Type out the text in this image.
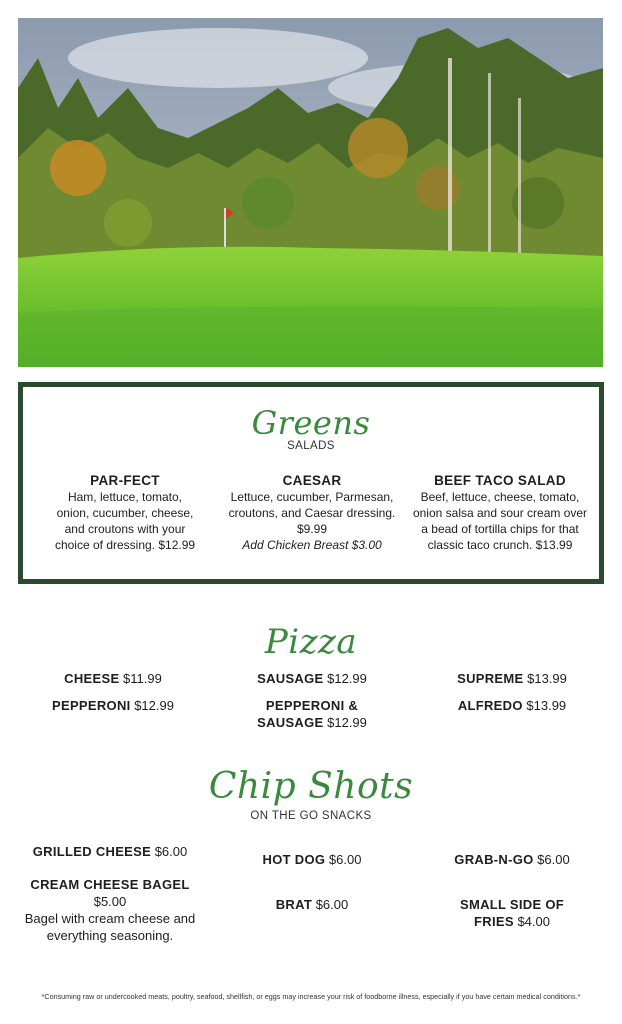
Greens
SALADS
PAR-FECT
Ham, lettuce, tomato, onion, cucumber, cheese, and croutons with your choice of dressing. $12.99
CAESAR
Lettuce, cucumber, Parmesan, croutons, and Caesar dressing. $9.99
Add Chicken Breast $3.00
BEEF TACO SALAD
Beef, lettuce, cheese, tomato, onion salsa and sour cream over a bead of tortilla chips for that classic taco crunch. $13.99
Pizza
CHEESE $11.99
PEPPERONI $12.99
SAUSAGE $12.99
PEPPERONI & SAUSAGE $12.99
SUPREME $13.99
ALFREDO $13.99
Chip Shots
ON THE GO SNACKS
GRILLED CHEESE $6.00
CREAM CHEESE BAGEL $5.00
Bagel with cream cheese and everything seasoning.
HOT DOG $6.00
BRAT $6.00
GRAB-N-GO $6.00
SMALL SIDE OF FRIES $4.00
*Consuming raw or undercooked meats, poultry, seafood, shellfish, or eggs may increase your risk of foodborne illness, especially if you have certain medical conditions.*
